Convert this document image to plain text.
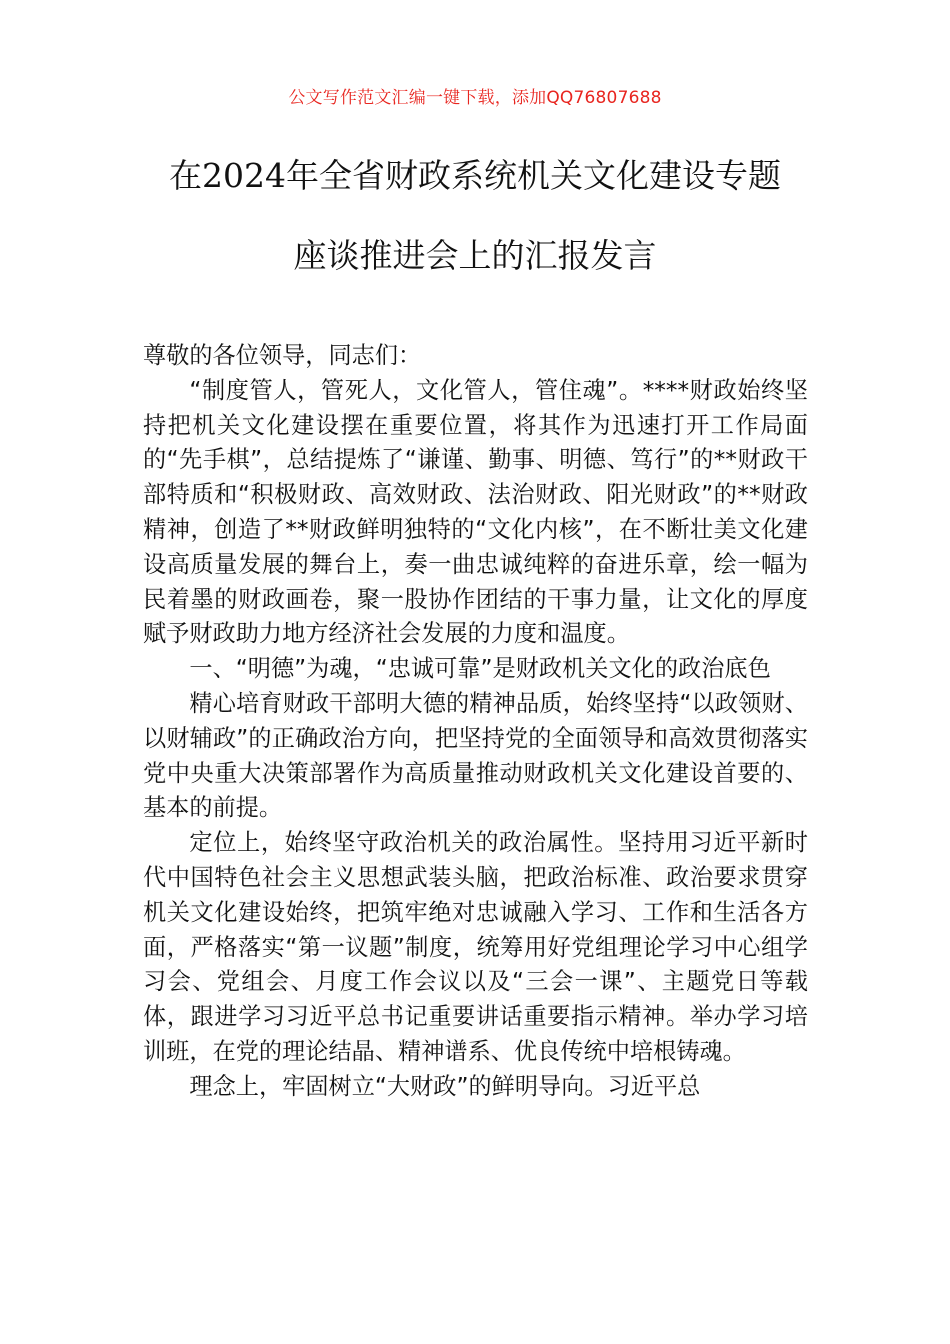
公文写作范文汇编一键下载，添加QQ76807688
在2024年全省财政系统机关文化建设专题
座谈推进会上的汇报发言

尊敬的各位领导，同志们：

“制度管人，管死人，文化管人，管住魂”。****财政始终坚持把机关文化建设摆在重要位置，将其作为迅速打开工作局面的“先手棋”，总结提炼了“谦谨、勤事、明德、笃行”的**财政干部特质和“积极财政、高效财政、法治财政、阳光财政”的**财政精神，创造了**财政鲜明独特的“文化内核”，在不断壮美文化建设高质量发展的舞台上，奏一曲忠诚纯粹的奋进乐章，绘一幅为民着墨的财政画卷，聚一股协作团结的干事力量，让文化的厚度赋予财政助力地方经济社会发展的力度和温度。

一、“明德”为魂，“忠诚可靠”是财政机关文化的政治底色

精心培育财政干部明大德的精神品质，始终坚持“以政领财、以财辅政”的正确政治方向，把坚持党的全面领导和高效贯彻落实党中央重大决策部署作为高质量推动财政机关文化建设首要的、基本的前提。

定位上，始终坚守政治机关的政治属性。坚持用习近平新时代中国特色社会主义思想武装头脑，把政治标准、政治要求贯穿机关文化建设始终，把筑牢绝对忠诚融入学习、工作和生活各方面，严格落实“第一议题”制度，统筹用好党组理论学习中心组学习会、党组会、月度工作会议以及“三会一课”、主题党日等载体，跟进学习习近平总书记重要讲话重要指示精神。举办学习培训班，在党的理论结晶、精神谱系、优良传统中培根铸魂。

理念上，牢固树立“大财政”的鲜明导向。习近平总
